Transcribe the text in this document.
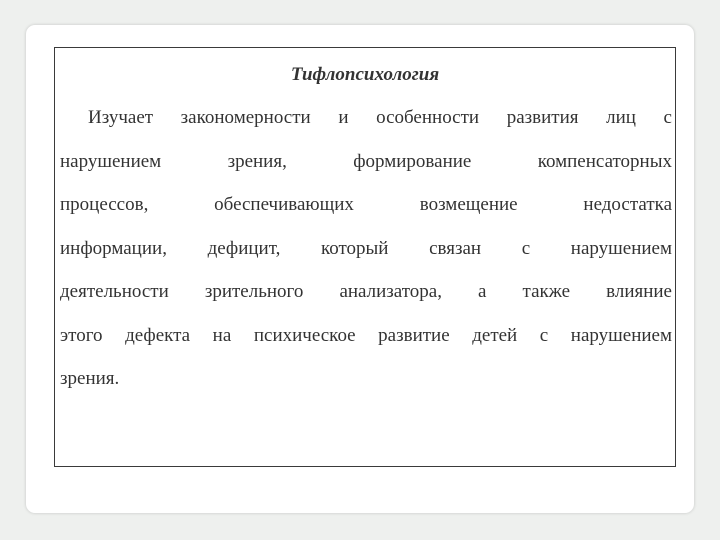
Тифлопсихология
Изучает закономерности и особенности развития лиц с
нарушением зрения, формирование компенсаторных
процессов, обеспечивающих возмещение недостатка
информации, дефицит, который связан с нарушением
деятельности зрительного анализатора, а также влияние
этого дефекта на психическое развитие детей с нарушением
зрения.
